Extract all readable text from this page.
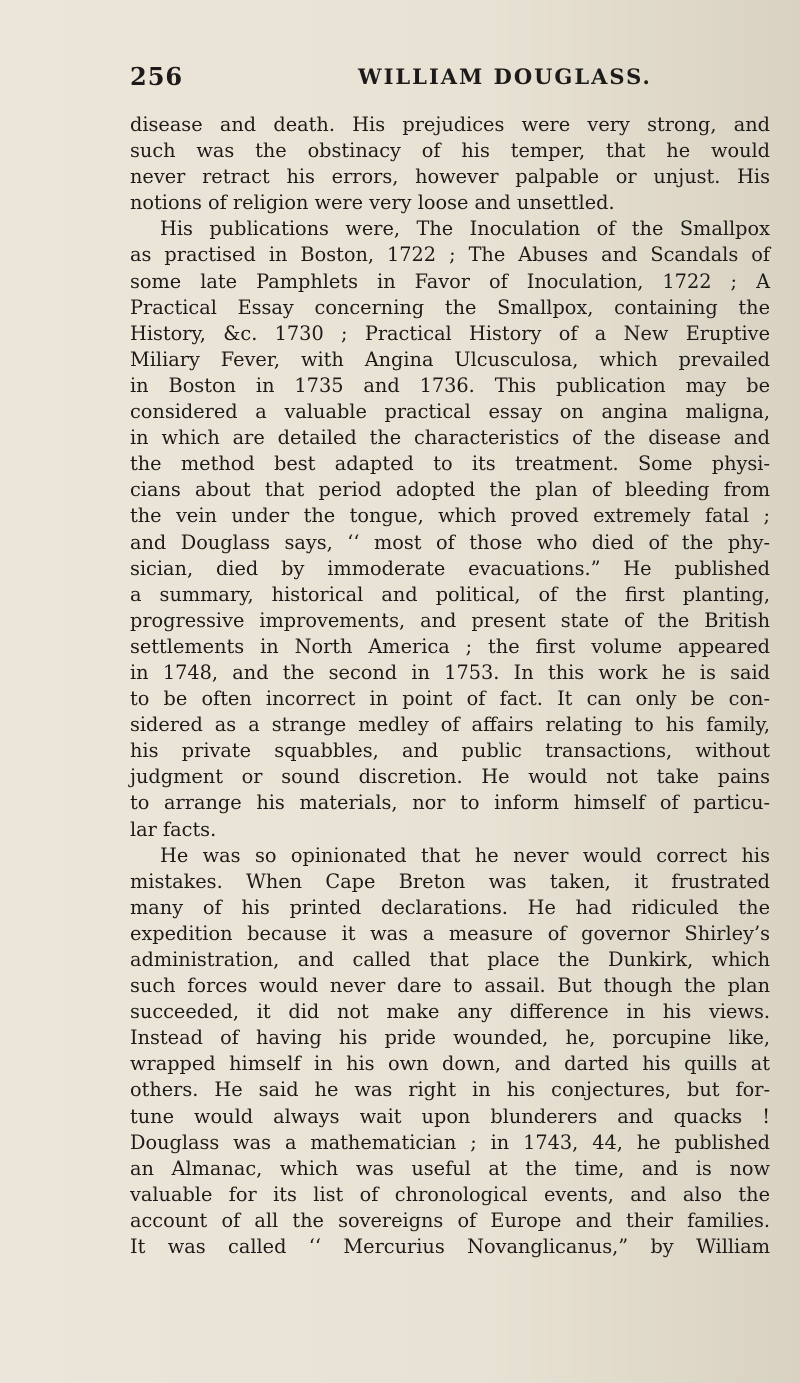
256	WILLIAM DOUGLASS.
disease and death. His prejudices were very strong, and
such was the obstinacy of his temper, that he would
never retract his errors, however palpable or unjust. His
notions of religion were very loose and unsettled.
His publications were, The Inoculation of the Smallpox
as practised in Boston, 1722 ; The Abuses and Scandals of
some late Pamphlets in Favor of Inoculation, 1722 ; A
Practical Essay concerning the Smallpox, containing the
History, &c. 1730 ; Practical History of a New Eruptive
Miliary Fever, with Angina Ulcusculosa, which prevailed
in Boston in 1735 and 1736. This publication may be
considered a valuable practical essay on angina maligna,
in which are detailed the characteristics of the disease and
the method best adapted to its treatment. Some physi-
cians about that period adopted the plan of bleeding from
the vein under the tongue, which proved extremely fatal ;
and Douglass says, ‘‘ most of those who died of the phy-
sician, died by immoderate evacuations.” He published
a summary, historical and political, of the first planting,
progressive improvements, and present state of the British
settlements in North America ; the first volume appeared
in 1748, and the second in 1753. In this work he is said
to be often incorrect in point of fact. It can only be con-
sidered as a strange medley of affairs relating to his family,
his private squabbles, and public transactions, without
judgment or sound discretion. He would not take pains
to arrange his materials, nor to inform himself of particu-
lar facts.
He was so opinionated that he never would correct his
mistakes. When Cape Breton was taken, it frustrated
many of his printed declarations. He had ridiculed the
expedition because it was a measure of governor Shirley’s
administration, and called that place the Dunkirk, which
such forces would never dare to assail. But though the plan
succeeded, it did not make any difference in his views.
Instead of having his pride wounded, he, porcupine like,
wrapped himself in his own down, and darted his quills at
others. He said he was right in his conjectures, but for-
tune would always wait upon blunderers and quacks !
Douglass was a mathematician ; in 1743, 44, he published
an Almanac, which was useful at the time, and is now
valuable for its list of chronological events, and also the
account of all the sovereigns of Europe and their families.
It was called ‘‘ Mercurius Novanglicanus,” by William
